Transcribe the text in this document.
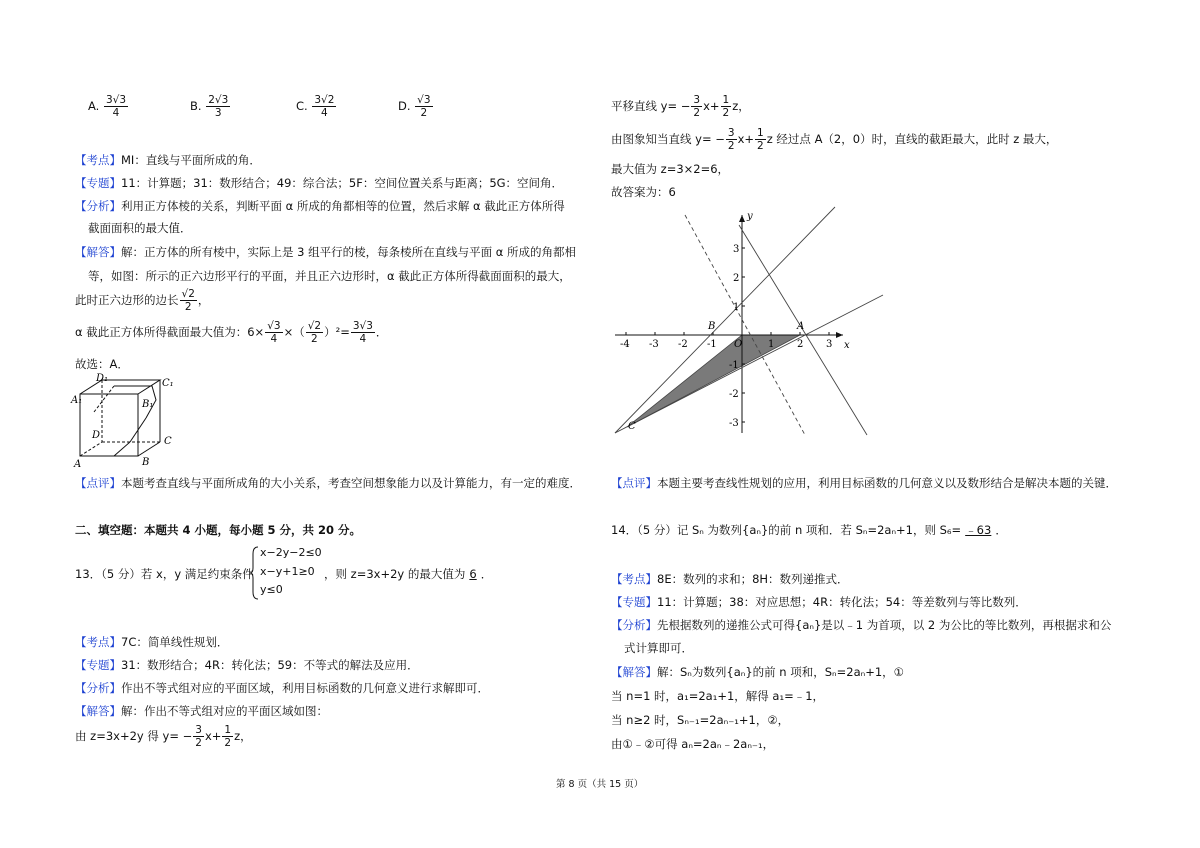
A. $\frac{3√3}{4}$	B. $\frac{2√3}{3}$	C. $\frac{3√2}{4}$	D. $\frac{√3}{2}$
【考点】MI：直线与平面所成的角．
【专题】11：计算题；31：数形结合；49：综合法；5F：空间位置关系与距离；5G：空间角．
【分析】利用正方体棱的关系，判断平面 α 所成的角都相等的位置，然后求解 α 截此正方体所得
截面面积的最大值．
【解答】解：正方体的所有棱中，实际上是 3 组平行的棱，每条棱所在直线与平面 α 所成的角都相
等，如图：所示的正六边形平行的平面，并且正六边形时，α 截此正方体所得截面面积的最大，
此时正六边形的边长 $\frac{√2}{2}$ ，
α 截此正方体所得截面最大值为：$6\times \frac{√3}{4}$ ×（ $\frac{√2}{2} )^2= \frac{3√3}{4}$ ．
故选：A．
D₁	C₁
A₁	B₁
D
C
A	B
【点评】本题考查直线与平面所成角的大小关系，考查空间想象能力以及计算能力，有一定的难度．
二、填空题：本题共 4 小题，每小题 5 分，共 20 分。
13．（5 分）若 x，y 满足约束条件
x−2y−2≤0
x−y+1≥0
y≤0
，则 z=3x+2y 的最大值为 6 ．
【考点】7C：简单线性规划．
【专题】31：数形结合；4R：转化法；59：不等式的解法及应用．
【分析】作出不等式组对应的平面区域，利用目标函数的几何意义进行求解即可．
【解答】解：作出不等式组对应的平面区域如图：
由 z=3x+2y 得 $y= - \frac{3}{2} x+ \frac{1}{2}$ z，
平移直线 $y= - \frac{3}{2} x+ \frac{1}{2}$ z，
由图象知当直线 $y= - \frac{3}{2} x+ \frac{1}{2}$ z 经过点 A（2，0）时，直线的截距最大，此时 z 最大，
最大值为 z=3×2=6，
故答案为：6
-4 -3 -2 -1	1 2 3
3
2
1
-1
-2
-3
y
x
O
A
B
C
【点评】本题主要考查线性规划的应用，利用目标函数的几何意义以及数形结合是解决本题的关键．
14．（5 分）记 Sₙ 为数列{aₙ}的前 n 项和．若 Sₙ=2aₙ+1，则 S₆= ﹣63 ．
【考点】8E：数列的求和；8H：数列递推式．
【专题】11：计算题；38：对应思想；4R：转化法；54：等差数列与等比数列．
【分析】先根据数列的递推公式可得{aₙ}是以﹣1 为首项，以 2 为公比的等比数列，再根据求和公
式计算即可．
【解答】解：Sₙ为数列{aₙ}的前 n 项和，Sₙ=2aₙ+1，①
当 n=1 时，a₁=2a₁+1，解得 a₁=﹣1，
当 n≥2 时，Sₙ₋₁=2aₙ₋₁+1，②，
由①﹣②可得 aₙ=2aₙ﹣2aₙ₋₁，
第 8 页（共 15 页）
